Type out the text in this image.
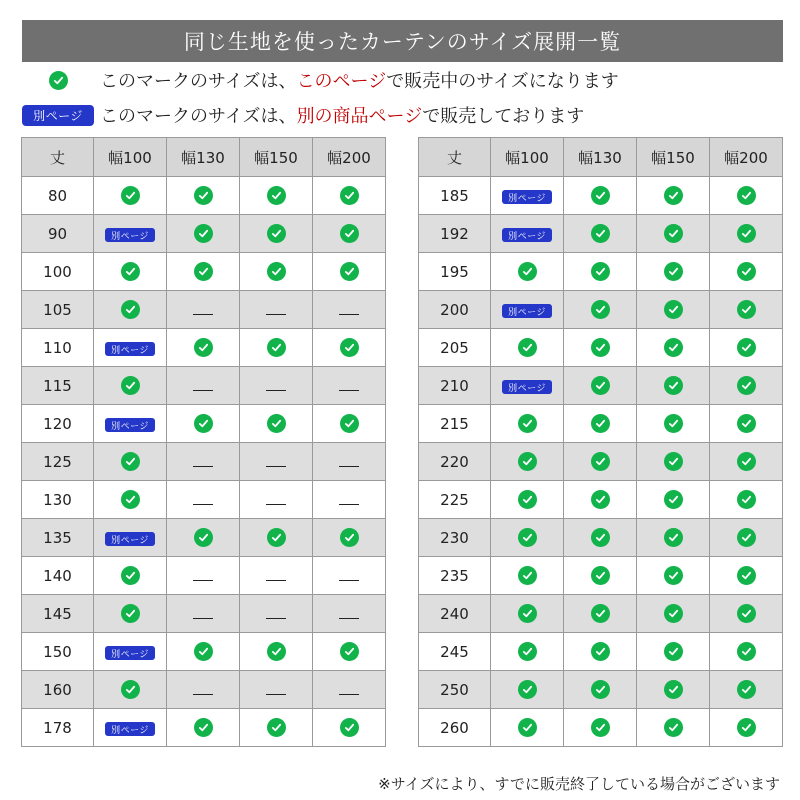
同じ生地を使ったカーテンのサイズ展開一覧
このマークのサイズは、このページで販売中のサイズになります
別ページ このマークのサイズは、別の商品ページで販売しております
丈	幅100	幅130	幅150	幅200
80	

90	別ページ	

100	

105	

110	別ページ	

115	

120	別ページ	

125	

130	

135	別ページ	

140	

145	

150	別ページ	

160	

178	別ページ	

丈	幅100	幅130	幅150	幅200
185	別ページ	

192	別ページ	

195	

200	別ページ	

205	

210	別ページ	

215	

220	

225	

230	

235	

240	

245	

250	

260	

※サイズにより、すでに販売終了している場合がございます
